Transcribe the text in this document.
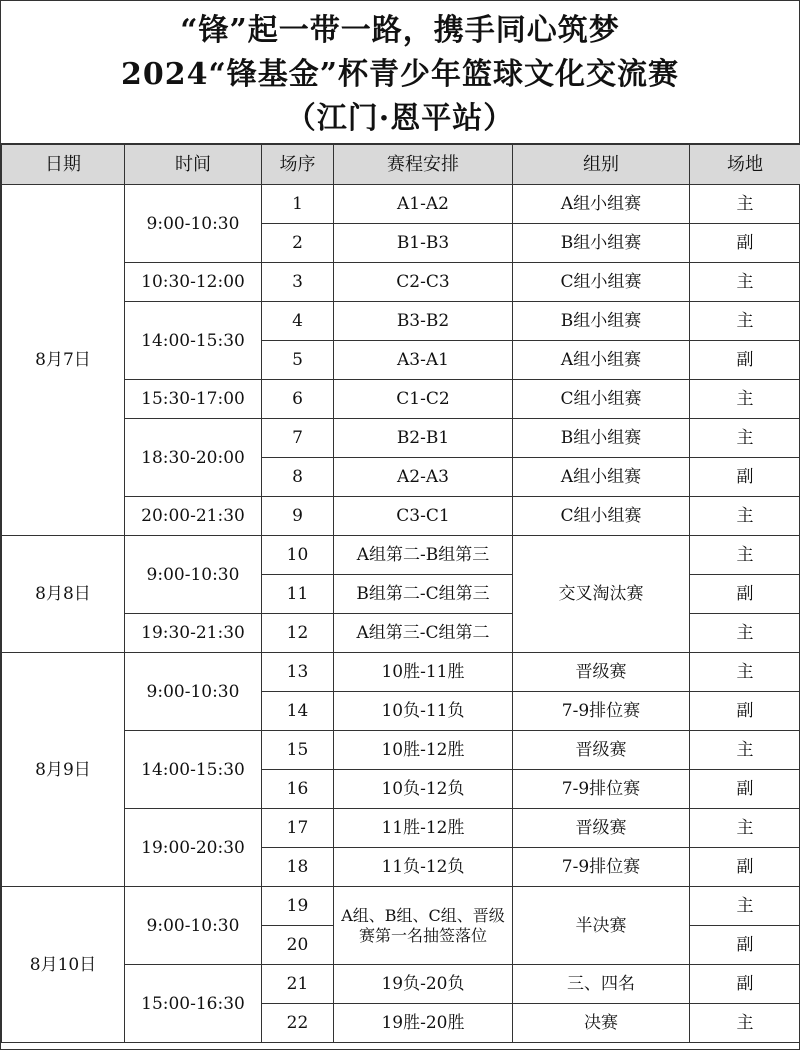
“锋”起一带一路，携手同心筑梦
2024“锋基金”杯青少年篮球文化交流赛
（江门·恩平站）
日期	时间	场序	赛程安排	组别	场地
8月7日	9:00-10:30	1	A1-A2	A组小组赛	主
		2	B1-B3	B组小组赛	副
	10:30-12:00	3	C2-C3	C组小组赛	主
	14:00-15:30	4	B3-B2	B组小组赛	主
		5	A3-A1	A组小组赛	副
	15:30-17:00	6	C1-C2	C组小组赛	主
	18:30-20:00	7	B2-B1	B组小组赛	主
		8	A2-A3	A组小组赛	副
	20:00-21:30	9	C3-C1	C组小组赛	主
8月8日	9:00-10:30	10	A组第二-B组第三	交叉淘汰赛	主
		11	B组第二-C组第三		副
	19:30-21:30	12	A组第三-C组第二		主
8月9日	9:00-10:30	13	10胜-11胜	晋级赛	主
		14	10负-11负	7-9排位赛	副
	14:00-15:30	15	10胜-12胜	晋级赛	主
		16	10负-12负	7-9排位赛	副
	19:00-20:30	17	11胜-12胜	晋级赛	主
		18	11负-12负	7-9排位赛	副
8月10日	9:00-10:30	19	A组、B组、C组、晋级赛第一名抽签落位	半决赛	主
		20			副
	15:00-16:30	21	19负-20负	三、四名	副
		22	19胜-20胜	决赛	主
